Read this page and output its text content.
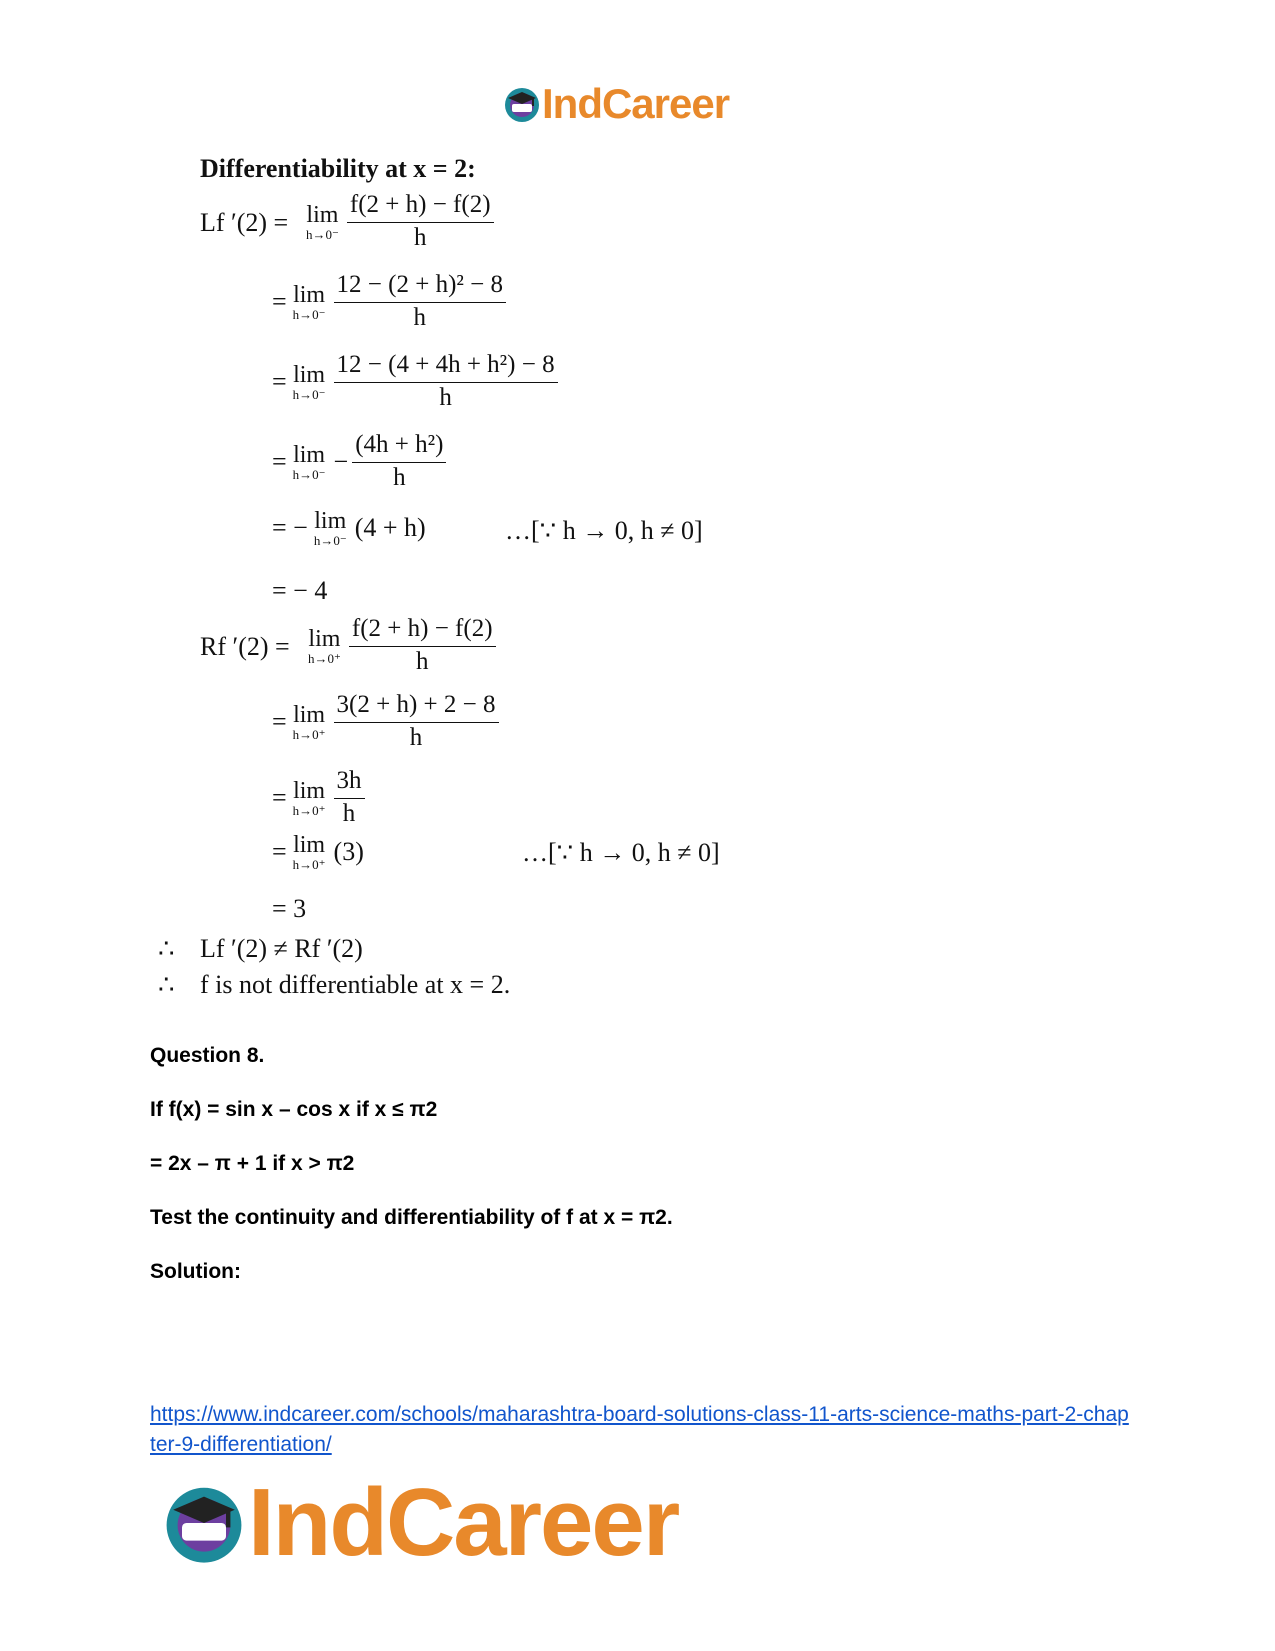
IndCareer
Differentiability at x = 2:
Lf ′(2) = lim
$h\to 0^- \frac{f(2 + h) - f(2)}{h}$
= lim
$h\to 0^- \frac{\text{12 − (2 + h)² − 8}}{h}$
= lim
$h\to 0^- \frac{\text{12 − (4 + 4h + h²) − 8}}{h}$
= lim
$h\to 0^- - \frac{\text{(4h + h²)}}{h}$
= − lim
h→0⁻ (4 + h)	…[∵ h → 0, h ≠ 0]
= − 4
Rf ′(2) = lim
$h\to 0^+ \frac{f(2 + h) - f(2)}{h}$
= lim
$h\to 0^+ \frac{3(2 + h) + 2 - 8}{h}$
= lim
$h\to 0^+ \frac{3h}{h}$
= lim
h→0⁺ (3)	…[∵ h → 0, h ≠ 0]
= 3
∴ Lf ′(2) ≠ Rf ′(2)
∴ f is not differentiable at x = 2.
Question 8.
If f(x) = sin x – cos x if x ≤ π2
= 2x – π + 1 if x > π2
Test the continuity and differentiability of f at x = π2.
Solution:
https://www.indcareer.com/schools/maharashtra-board-solutions-class-11-arts-science-maths-part-2-chapter-9-differentiation/
IndCareer
